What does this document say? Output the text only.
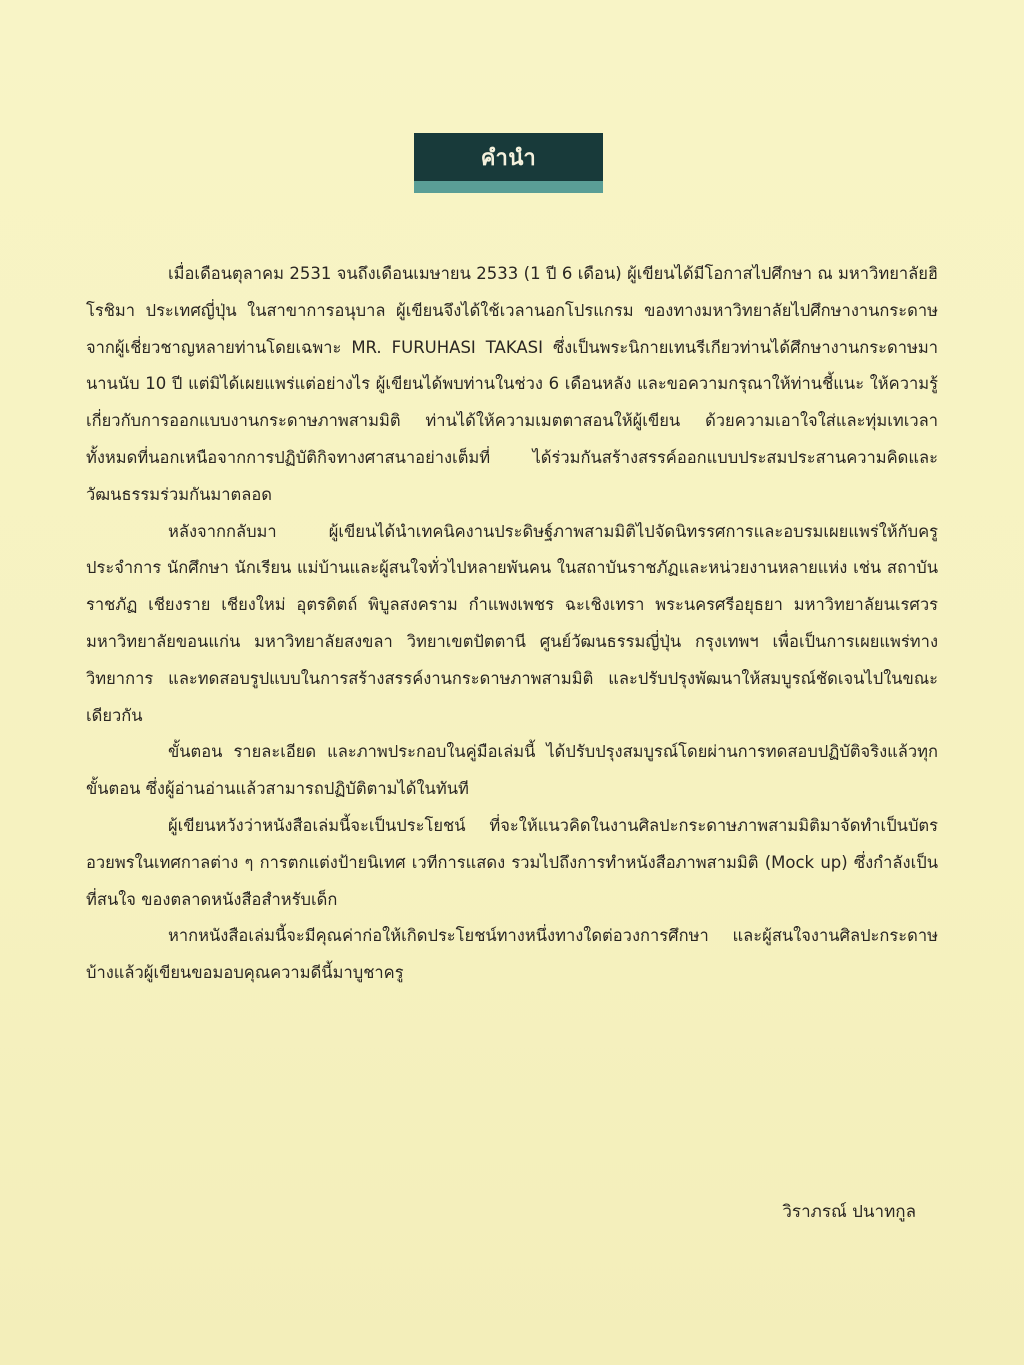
คำนำ

เมื่อเดือนตุลาคม 2531 จนถึงเดือนเมษายน 2533 (1 ปี 6 เดือน) ผู้เขียนได้มีโอกาสไปศึกษา ณ มหาวิทยาลัยฮิโรชิมา ประเทศญี่ปุ่น ในสาขาการอนุบาล ผู้เขียนจึงได้ใช้เวลานอกโปรแกรม ของทางมหาวิทยาลัยไปศึกษางานกระดาษจากผู้เชี่ยวชาญหลายท่านโดยเฉพาะ MR. FURUHASI TAKASI ซึ่งเป็นพระนิกายเทนรีเกียวท่านได้ศึกษางานกระดาษมานานนับ 10 ปี แต่มิได้เผยแพร่แต่อย่างไร ผู้เขียนได้พบท่านในช่วง 6 เดือนหลัง และขอความกรุณาให้ท่านชี้แนะ ให้ความรู้เกี่ยวกับการออกแบบงานกระดาษภาพสามมิติ ท่านได้ให้ความเมตตาสอนให้ผู้เขียน ด้วยความเอาใจใส่และทุ่มเทเวลาทั้งหมดที่นอกเหนือจากการปฏิบัติกิจทางศาสนาอย่างเต็มที่ ได้ร่วมกันสร้างสรรค์ออกแบบประสมประสานความคิดและวัฒนธรรมร่วมกันมาตลอด

หลังจากกลับมา ผู้เขียนได้นำเทคนิคงานประดิษฐ์ภาพสามมิติไปจัดนิทรรศการและอบรมเผยแพร่ให้กับครูประจำการ นักศึกษา นักเรียน แม่บ้านและผู้สนใจทั่วไปหลายพันคน ในสถาบันราชภัฏและหน่วยงานหลายแห่ง เช่น สถาบันราชภัฏ เชียงราย เชียงใหม่ อุตรดิตถ์ พิบูลสงคราม กำแพงเพชร ฉะเชิงเทรา พระนครศรีอยุธยา มหาวิทยาลัยนเรศวร มหาวิทยาลัยขอนแก่น มหาวิทยาลัยสงขลา วิทยาเขตปัตตานี ศูนย์วัฒนธรรมญี่ปุ่น กรุงเทพฯ เพื่อเป็นการเผยแพร่ทางวิทยาการ และทดสอบรูปแบบในการสร้างสรรค์งานกระดาษภาพสามมิติ และปรับปรุงพัฒนาให้สมบูรณ์ชัดเจนไปในขณะเดียวกัน

ขั้นตอน รายละเอียด และภาพประกอบในคู่มือเล่มนี้ ได้ปรับปรุงสมบูรณ์โดยผ่านการทดสอบปฏิบัติจริงแล้วทุกขั้นตอน ซึ่งผู้อ่านอ่านแล้วสามารถปฏิบัติตามได้ในทันที

ผู้เขียนหวังว่าหนังสือเล่มนี้จะเป็นประโยชน์ ที่จะให้แนวคิดในงานศิลปะกระดาษภาพสามมิติมาจัดทำเป็นบัตรอวยพรในเทศกาลต่าง ๆ การตกแต่งป้ายนิเทศ เวทีการแสดง รวมไปถึงการทำหนังสือภาพสามมิติ (Mock up) ซึ่งกำลังเป็นที่สนใจ ของตลาดหนังสือสำหรับเด็ก

หากหนังสือเล่มนี้จะมีคุณค่าก่อให้เกิดประโยชน์ทางหนึ่งทางใดต่อวงการศึกษา และผู้สนใจงานศิลปะกระดาษบ้างแล้วผู้เขียนขอมอบคุณความดีนี้มาบูชาครู

วิราภรณ์ ปนาทกูล
